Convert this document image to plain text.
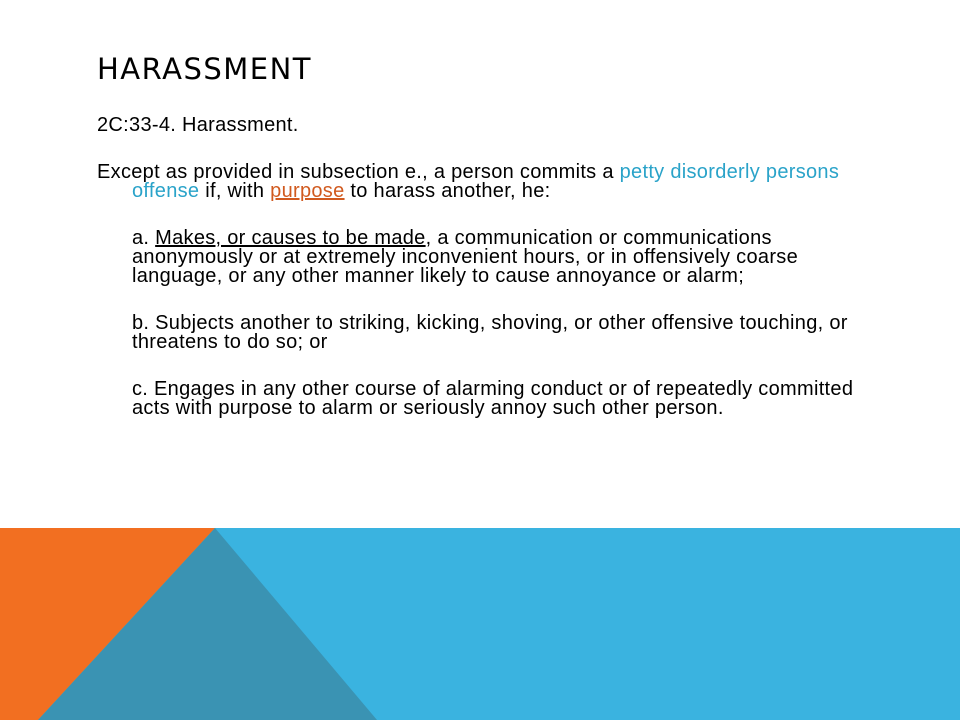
HARASSMENT

2C:33-4. Harassment.

Except as provided in subsection e., a person commits a petty disorderly persons offense if, with purpose to harass another, he:

a. Makes, or causes to be made, a communication or communications anonymously or at extremely inconvenient hours, or in offensively coarse language, or any other manner likely to cause annoyance or alarm;

b. Subjects another to striking, kicking, shoving, or other offensive touching, or threatens to do so; or

c. Engages in any other course of alarming conduct or of repeatedly committed acts with purpose to alarm or seriously annoy such other person.
